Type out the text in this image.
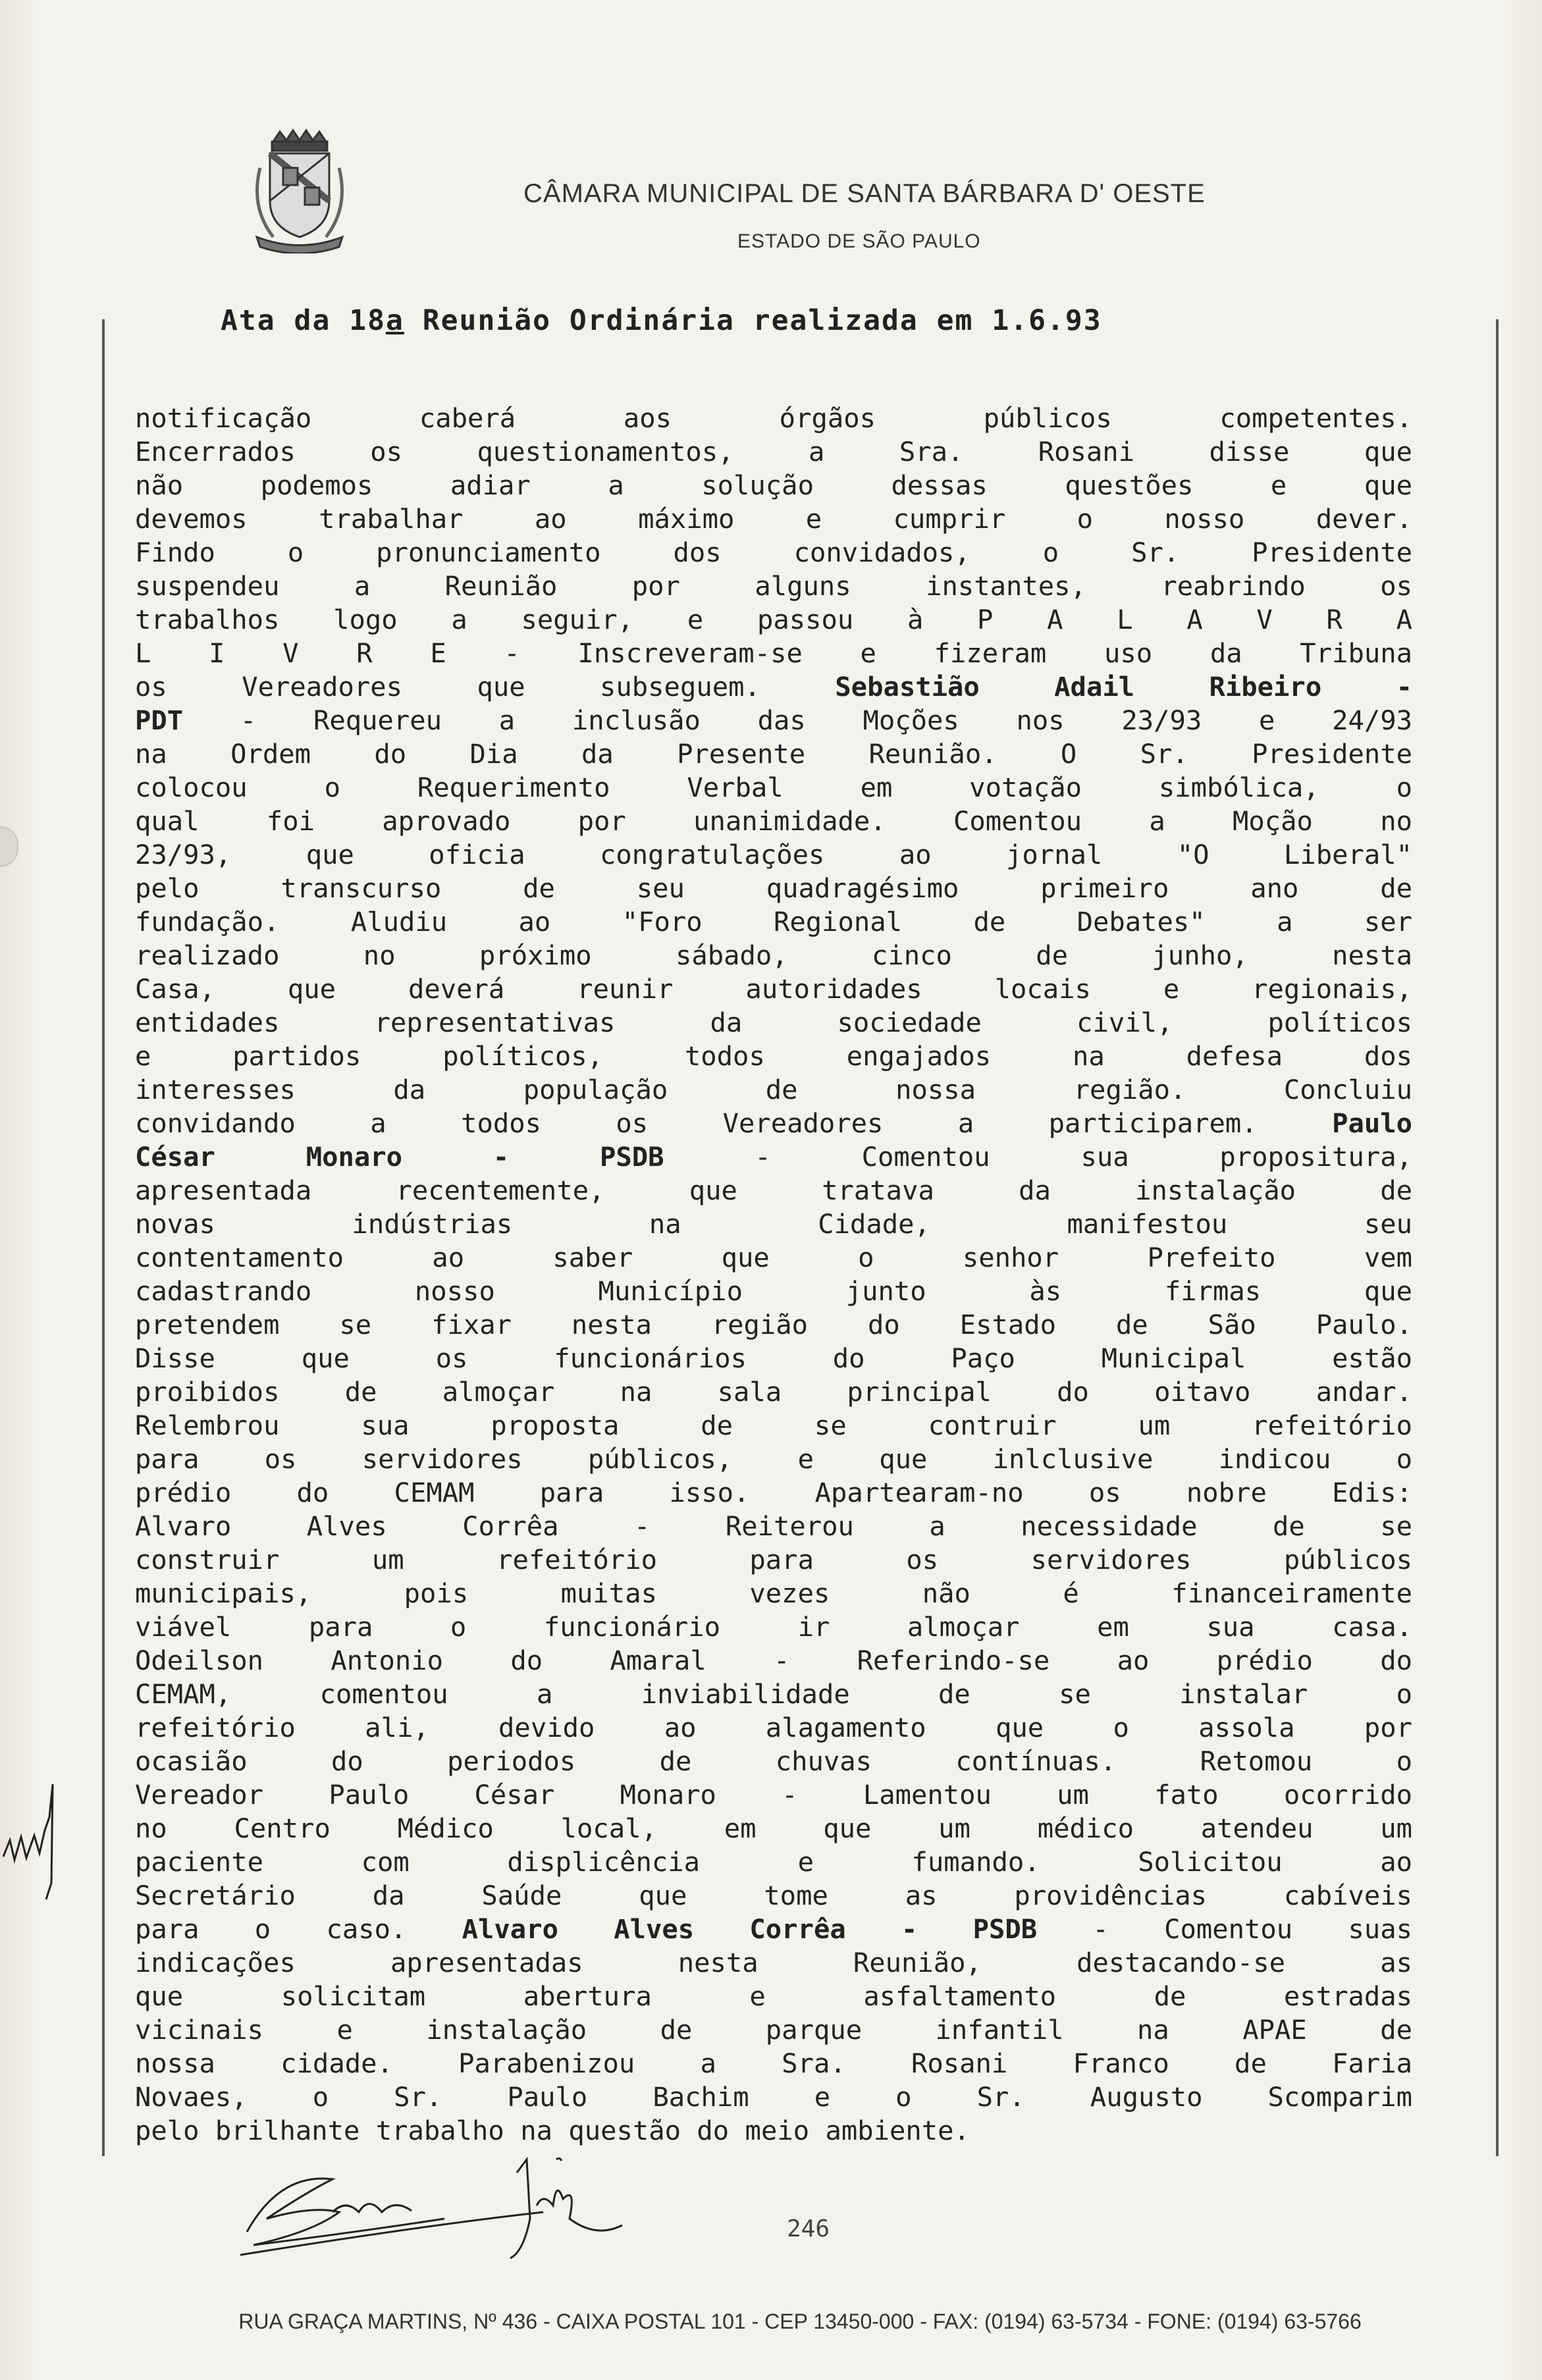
CÂMARA MUNICIPAL DE SANTA BÁRBARA D' OESTE
ESTADO DE SÃO PAULO
Ata da 18a Reunião Ordinária realizada em 1.6.93
notificação caberá aos órgãos públicos competentes.
Encerrados os questionamentos, a Sra. Rosani disse que
não podemos adiar a solução dessas questões e que
devemos trabalhar ao máximo e cumprir o nosso dever.
Findo o pronunciamento dos convidados, o Sr. Presidente
suspendeu a Reunião por alguns instantes, reabrindo os
trabalhos logo a seguir, e passou à P A L A V R A
L I V R E - Inscreveram-se e fizeram uso da Tribuna
os Vereadores que subseguem. Sebastião Adail Ribeiro -
PDT - Requereu a inclusão das Moções nos 23/93 e 24/93
na Ordem do Dia da Presente Reunião. O Sr. Presidente
colocou o Requerimento Verbal em votação simbólica, o
qual foi aprovado por unanimidade. Comentou a Moção no
23/93, que oficia congratulações ao jornal "O Liberal"
pelo transcurso de seu quadragésimo primeiro ano de
fundação. Aludiu ao "Foro Regional de Debates" a ser
realizado no próximo sábado, cinco de junho, nesta
Casa, que deverá reunir autoridades locais e regionais,
entidades representativas da sociedade civil, políticos
e partidos políticos, todos engajados na defesa dos
interesses da população de nossa região. Concluiu
convidando a todos os Vereadores a participarem. Paulo
César Monaro - PSDB - Comentou sua propositura,
apresentada recentemente, que tratava da instalação de
novas indústrias na Cidade, manifestou seu
contentamento ao saber que o senhor Prefeito vem
cadastrando nosso Município junto às firmas que
pretendem se fixar nesta região do Estado de São Paulo.
Disse que os funcionários do Paço Municipal estão
proibidos de almoçar na sala principal do oitavo andar.
Relembrou sua proposta de se contruir um refeitório
para os servidores públicos, e que inlclusive indicou o
prédio do CEMAM para isso. Apartearam-no os nobre Edis:
Alvaro Alves Corrêa - Reiterou a necessidade de se
construir um refeitório para os servidores públicos
municipais, pois muitas vezes não é financeiramente
viável para o funcionário ir almoçar em sua casa.
Odeilson Antonio do Amaral - Referindo-se ao prédio do
CEMAM, comentou a inviabilidade de se instalar o
refeitório ali, devido ao alagamento que o assola por
ocasião do periodos de chuvas contínuas. Retomou o
Vereador Paulo César Monaro - Lamentou um fato ocorrido
no Centro Médico local, em que um médico atendeu um
paciente com displicência e fumando. Solicitou ao
Secretário da Saúde que tome as providências cabíveis
para o caso. Alvaro Alves Corrêa - PSDB - Comentou suas
indicações apresentadas nesta Reunião, destacando-se as
que solicitam abertura e asfaltamento de estradas
vicinais e instalação de parque infantil na APAE de
nossa cidade. Parabenizou a Sra. Rosani Franco de Faria
Novaes, o Sr. Paulo Bachim e o Sr. Augusto Scomparim
pelo brilhante trabalho na questão do meio ambiente.
246
RUA GRAÇA MARTINS, Nº 436 - CAIXA POSTAL 101 - CEP 13450-000 - FAX: (0194) 63-5734 - FONE: (0194) 63-5766
